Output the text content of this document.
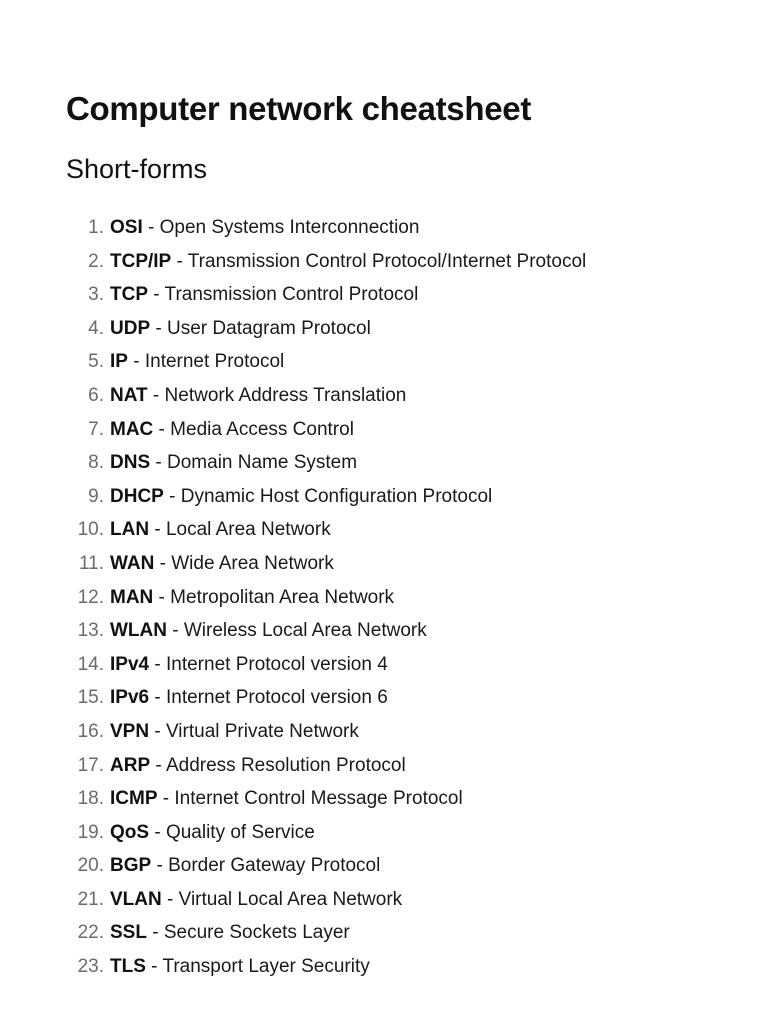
Computer network cheatsheet
Short-forms
1. OSI - Open Systems Interconnection
2. TCP/IP - Transmission Control Protocol/Internet Protocol
3. TCP - Transmission Control Protocol
4. UDP - User Datagram Protocol
5. IP - Internet Protocol
6. NAT - Network Address Translation
7. MAC - Media Access Control
8. DNS - Domain Name System
9. DHCP - Dynamic Host Configuration Protocol
10. LAN - Local Area Network
11. WAN - Wide Area Network
12. MAN - Metropolitan Area Network
13. WLAN - Wireless Local Area Network
14. IPv4 - Internet Protocol version 4
15. IPv6 - Internet Protocol version 6
16. VPN - Virtual Private Network
17. ARP - Address Resolution Protocol
18. ICMP - Internet Control Message Protocol
19. QoS - Quality of Service
20. BGP - Border Gateway Protocol
21. VLAN - Virtual Local Area Network
22. SSL - Secure Sockets Layer
23. TLS - Transport Layer Security
